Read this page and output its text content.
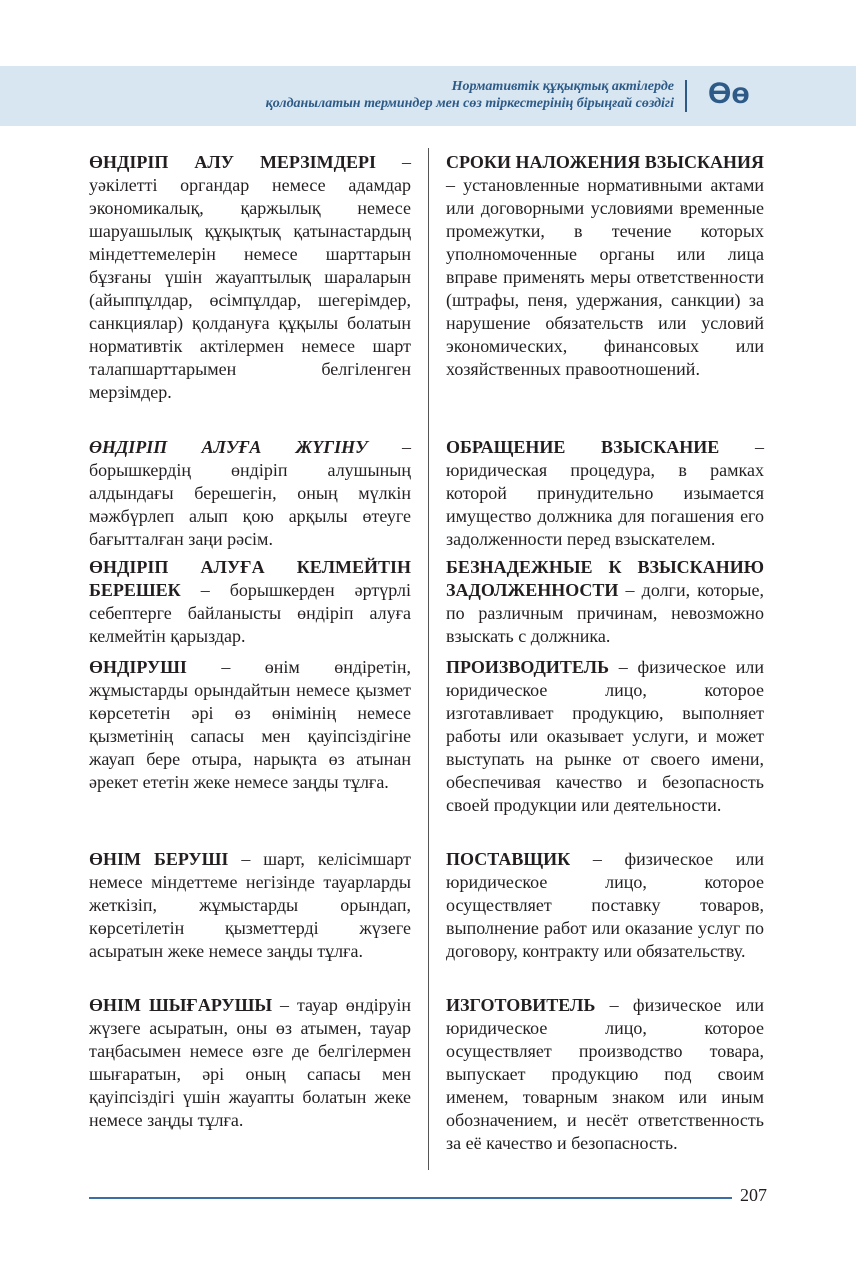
Нормативтік құқықтық актілерде
қолданылатын терминдер мен сөз тіркестерінің бірыңғай сөздігі Өө

ӨНДІРІП АЛУ МЕРЗІМДЕРІ – уәкілетті органдар немесе адамдар экономикалық, қаржылық немесе шаруашылық құқықтық қатынастардың міндеттемелерін немесе шарттарын бұзғаны үшін жауаптылық шараларын (айыппұлдар, өсімпұлдар, шегерімдер, санкциялар) қолдануға құқылы болатын нормативтік актілермен немесе шарт талапшарттарымен белгіленген мерзімдер.

СРОКИ НАЛОЖЕНИЯ ВЗЫСКАНИЯ – установленные нормативными актами или договорными условиями временные промежутки, в течение которых уполномоченные органы или лица вправе применять меры ответственности (штрафы, пеня, удержания, санкции) за нарушение обязательств или условий экономических, финансовых или хозяйственных правоотношений.

ӨНДІРІП АЛУҒА ЖҮГІНУ – борышкердің өндіріп алушының алдындағы берешегін, оның мүлкін мәжбүрлеп алып қою арқылы өтеуге бағытталған заңи рәсім.

ОБРАЩЕНИЕ ВЗЫСКАНИЕ – юридическая процедура, в рамках которой принудительно изымается имущество должника для погашения его задолженности перед взыскателем.

ӨНДІРІП АЛУҒА КЕЛМЕЙТІН БЕРЕШЕК – борышкерден әртүрлі себептерге байланысты өндіріп алуға келмейтін қарыздар.

БЕЗНАДЕЖНЫЕ К ВЗЫСКАНИЮ ЗАДОЛЖЕННОСТИ – долги, которые, по различным причинам, невозможно взыскать с должника.

ӨНДІРУШІ – өнім өндіретін, жұмыстарды орындайтын немесе қызмет көрсететін әрі өз өнімінің немесе қызметінің сапасы мен қауіпсіздігіне жауап бере отыра, нарықта өз атынан әрекет ететін жеке немесе заңды тұлға.

ПРОИЗВОДИТЕЛЬ – физическое или юридическое лицо, которое изготавливает продукцию, выполняет работы или оказывает услуги, и может выступать на рынке от своего имени, обеспечивая качество и безопасность своей продукции или деятельности.

ӨНІМ БЕРУШІ – шарт, келісімшарт немесе міндеттеме негізінде тауарларды жеткізіп, жұмыстарды орындап, көрсетілетін қызметтерді жүзеге асыратын жеке немесе заңды тұлға.

ПОСТАВЩИК – физическое или юридическое лицо, которое осуществляет поставку товаров, выполнение работ или оказание услуг по договору, контракту или обязательству.

ӨНІМ ШЫҒАРУШЫ – тауар өндіруін жүзеге асыратын, оны өз атымен, тауар таңбасымен немесе өзге де белгілермен шығаратын, әрі оның сапасы мен қауіпсіздігі үшін жауапты болатын жеке немесе заңды тұлға.

ИЗГОТОВИТЕЛЬ – физическое или юридическое лицо, которое осуществляет производство товара, выпускает продукцию под своим именем, товарным знаком или иным обозначением, и несёт ответственность за её качество и безопасность.

207
